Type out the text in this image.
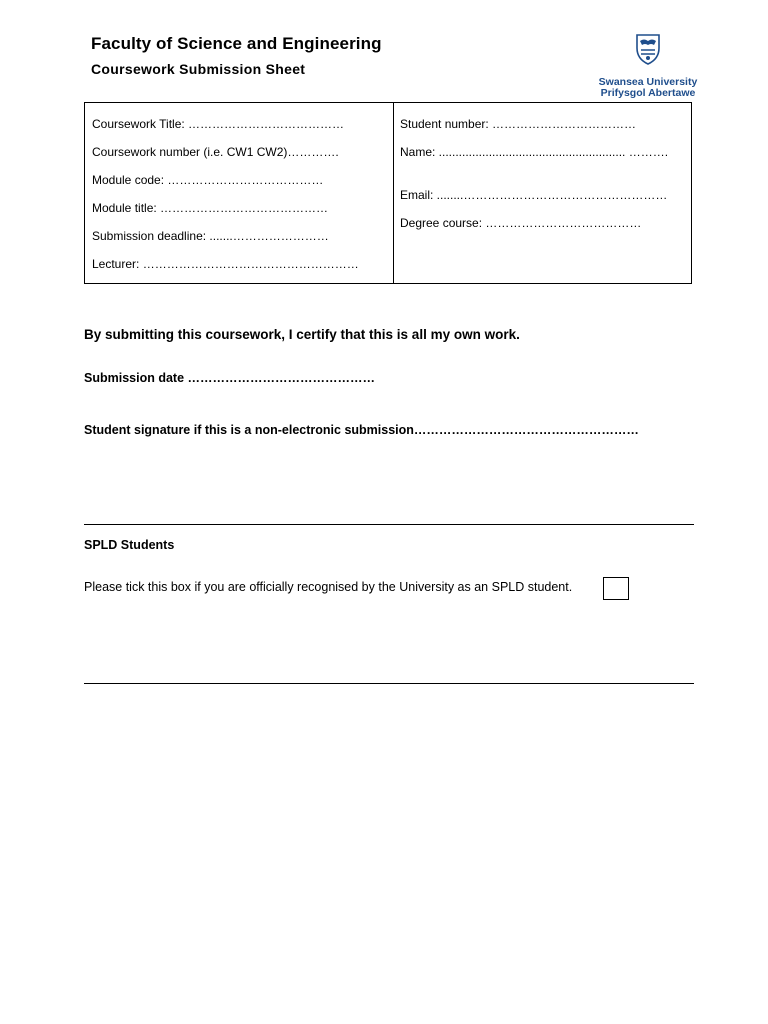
Faculty of Science and Engineering
Coursework Submission Sheet
Swansea University
Prifysgol Abertawe
Coursework Title: …………………………………
Coursework number (i.e. CW1 CW2)………….
Module code: …………………………………
Module title: ……………………………………
Submission deadline: .......……………………
Lecturer: ………………………………………………
Student number: ………………………………
Name: ........................................................ ……….
Email: ........……………………………………………
Degree course: …………………………………
By submitting this coursework, I certify that this is all my own work.
Submission date ………………………………………
Student signature if this is a non-electronic submission………………………………………………
SPLD Students
Please tick this box if you are officially recognised by the University as an SPLD student.
